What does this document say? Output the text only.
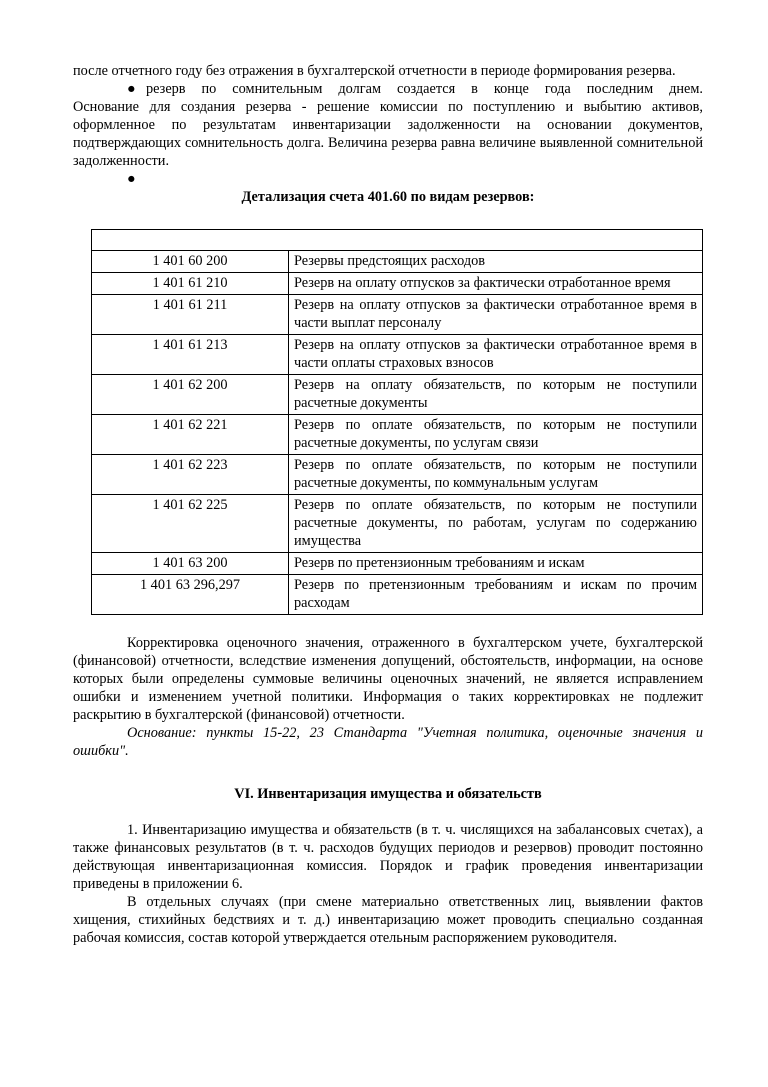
после отчетного году без отражения в бухгалтерской отчетности в периоде формирования резерва.

● резерв по сомнительным долгам создается в конце года последним днем.

Основание для создания резерва - решение комиссии по поступлению и выбытию активов, оформленное по результатам инвентаризации задолженности на основании документов, подтверждающих сомнительность долга. Величина резерва равна величине выявленной сомнительной задолженности.

●

Детализация счета 401.60 по видам резервов:

1 401 60 200	Резервы предстоящих расходов
1 401 61 210	Резерв на оплату отпусков за фактически отработанное время
1 401 61 211	Резерв на оплату отпусков за фактически отработанное время в части выплат персоналу
1 401 61 213	Резерв на оплату отпусков за фактически отработанное время в части оплаты страховых взносов
1 401 62 200	Резерв на оплату обязательств, по которым не поступили расчетные документы
1 401 62 221	Резерв по оплате обязательств, по которым не поступили расчетные документы, по услугам связи
1 401 62 223	Резерв по оплате обязательств, по которым не поступили расчетные документы, по коммунальным услугам
1 401 62 225	Резерв по оплате обязательств, по которым не поступили расчетные документы, по работам, услугам по содержанию имущества
1 401 63 200	Резерв по претензионным требованиям и искам
1 401 63 296,297	Резерв по претензионным требованиям и искам по прочим расходам

Корректировка оценочного значения, отраженного в бухгалтерском учете, бухгалтерской (финансовой) отчетности, вследствие изменения допущений, обстоятельств, информации, на основе которых были определены суммовые величины оценочных значений, не является исправлением ошибки и изменением учетной политики. Информация о таких корректировках не подлежит раскрытию в бухгалтерской (финансовой) отчетности.

Основание: пункты 15-22, 23 Стандарта "Учетная политика, оценочные значения и ошибки".

VI. Инвентаризация имущества и обязательств

1. Инвентаризацию имущества и обязательств (в т. ч. числящихся на забалансовых счетах), а также финансовых результатов (в т. ч. расходов будущих периодов и резервов) проводит постоянно действующая инвентаризационная комиссия. Порядок и график проведения инвентаризации приведены в приложении 6.

В отдельных случаях (при смене материально ответственных лиц, выявлении фактов хищения, стихийных бедствиях и т. д.) инвентаризацию может проводить специально созданная рабочая комиссия, состав которой утверждается отельным распоряжением руководителя.
